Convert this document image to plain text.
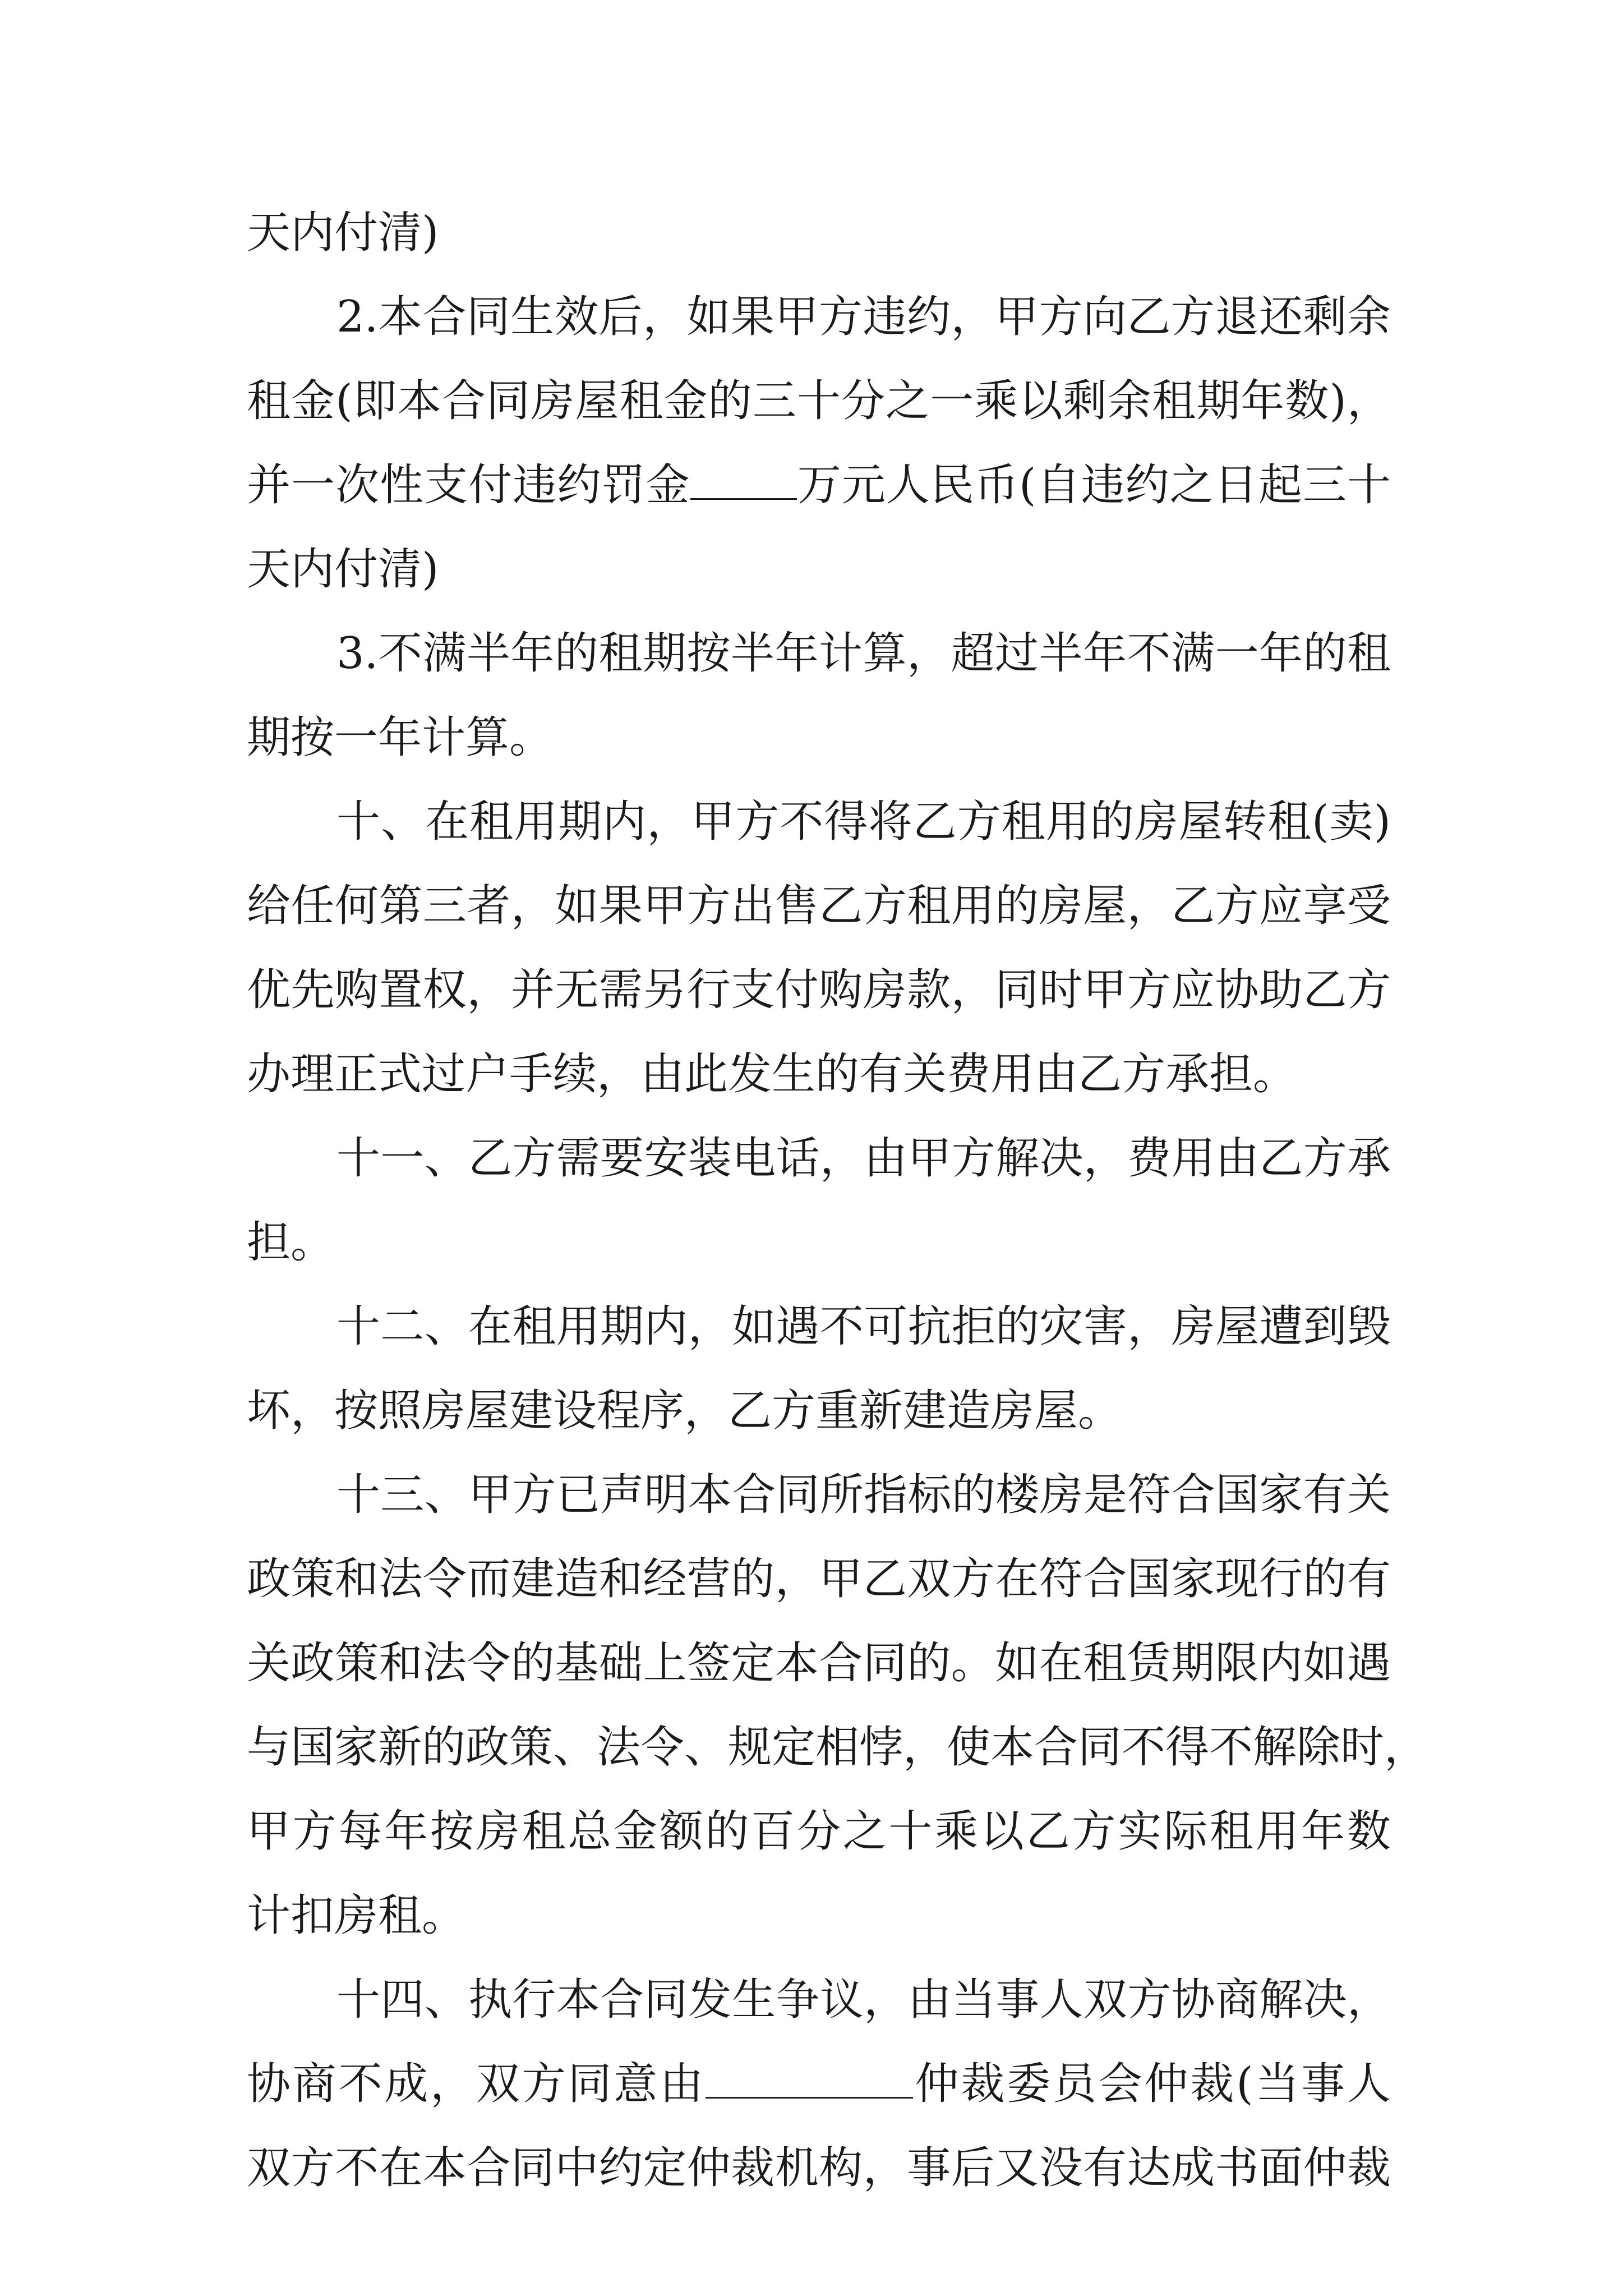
天内付清)
2.本合同生效后，如果甲方违约，甲方向乙方退还剩余
租金(即本合同房屋租金的三十分之一乘以剩余租期年数)，
并一次性支付违约罚金 万元人民币(自违约之日起三十
天内付清)
3.不满半年的租期按半年计算，超过半年不满一年的租
期按一年计算。
十、在租用期内，甲方不得将乙方租用的房屋转租(卖)
给任何第三者，如果甲方出售乙方租用的房屋，乙方应享受
优先购置权，并无需另行支付购房款，同时甲方应协助乙方
办理正式过户手续，由此发生的有关费用由乙方承担。
十一、乙方需要安装电话，由甲方解决，费用由乙方承
担。
十二、在租用期内，如遇不可抗拒的灾害，房屋遭到毁
坏，按照房屋建设程序，乙方重新建造房屋。
十三、甲方已声明本合同所指标的楼房是符合国家有关
政策和法令而建造和经营的，甲乙双方在符合国家现行的有
关政策和法令的基础上签定本合同的。如在租赁期限内如遇
与国家新的政策、法令、规定相悖，使本合同不得不解除时，
甲方每年按房租总金额的百分之十乘以乙方实际租用年数
计扣房租。
十四、执行本合同发生争议，由当事人双方协商解决，
协商不成，双方同意由	仲裁委员会仲裁(当事人
双方不在本合同中约定仲裁机构，事后又没有达成书面仲裁
